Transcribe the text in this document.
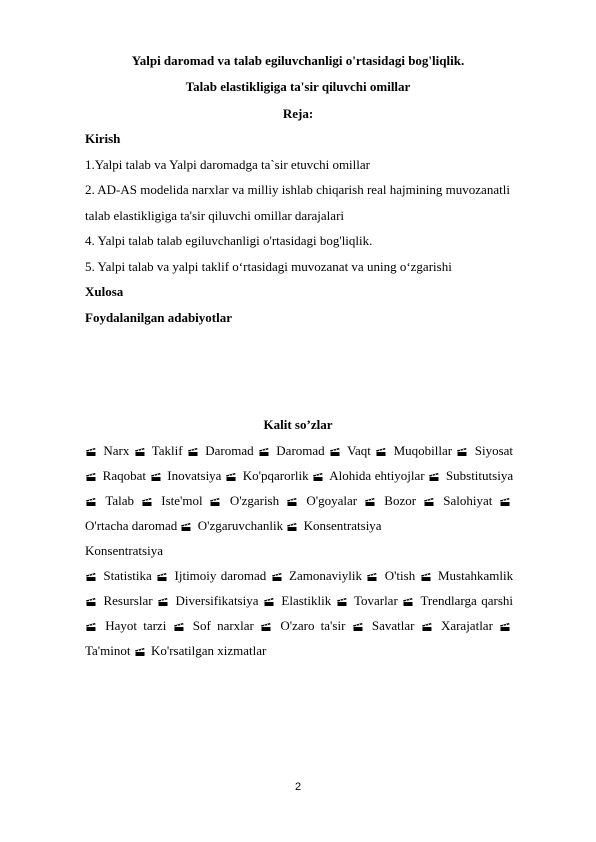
Yalpi daromad va talab egiluvchanligi o'rtasidagi bog'liqlik.
Talab elastikligiga ta'sir qiluvchi omillar
Reja:
Kirish
1.Yalpi talab va Yalpi daromadga ta`sir etuvchi omillar
2. AD-AS modelida narxlar va milliy ishlab chiqarish real hajmining muvozanatli
talab elastikligiga ta'sir qiluvchi omillar darajalari
4. Yalpi talab talab egiluvchanligi o'rtasidagi bog'liqlik.
5. Yalpi talab va yalpi taklif o‘rtasidagi muvozanat va uning o‘zgarishi
Xulosa
Foydalanilgan adabiyotlar
Kalit so’zlar
Narx Taklif Daromad Daromad Vaqt Muqobillar Siyosat  Raqobat Inovatsiya Ko'pqarorlik Alohida ehtiyojlar Substitutsiya  Talab Iste'mol O'zgarish O'goyalar Bozor Salohiyat  O'rtacha daromad O'zgaruvchanlik Konsentratsiya
Konsentratsiya
Statistika Ijtimoiy daromad Zamonaviylik O'tish Mustahkamlik  Resurslar Diversifikatsiya Elastiklik Tovarlar Trendlarga qarshi  Hayot tarzi Sof narxlar O'zaro ta'sir Savatlar Xarajatlar  Ta'minot Ko'rsatilgan xizmatlar
2
